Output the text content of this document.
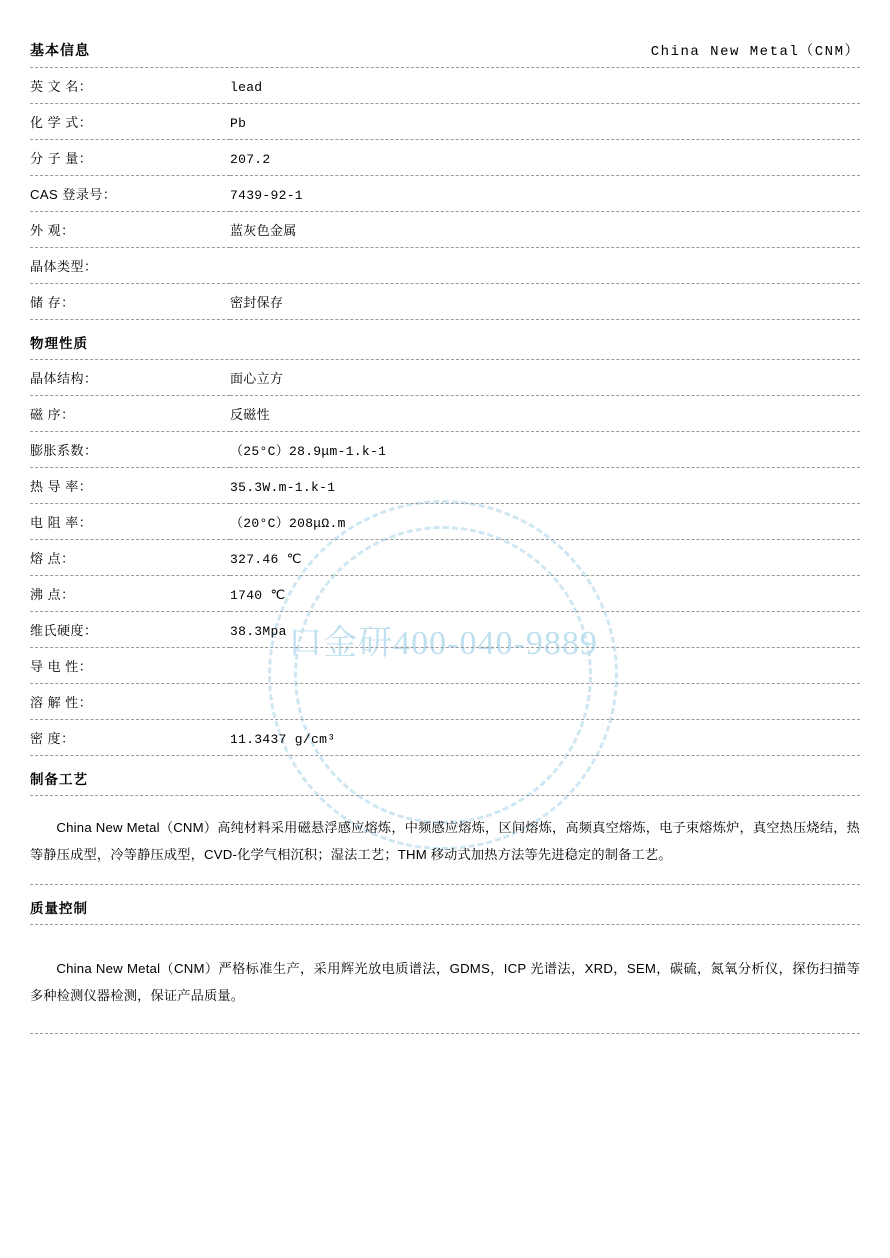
口金研400-040-9889
基本信息	China New Metal（CNM）
英 文 名：	lead
化 学 式：	Pb
分 子 量：	207.2
CAS 登录号：	7439-92-1
外 观：	蓝灰色金属
晶体类型：	
储 存：	密封保存
物理性质
晶体结构：	面心立方
磁 序：	反磁性
膨胀系数：	（25°C）28.9μm-1.k-1
热 导 率：	35.3W.m-1.k-1
电 阻 率：	（20°C）208μΩ.m
熔 点：	327.46 ℃
沸 点：	1740 ℃
维氏硬度：	38.3Mpa
导 电 性：	
溶 解 性：	
密 度：	11.3437 g/cm³
制备工艺

China New Metal（CNM）高纯材料采用磁悬浮感应熔炼，中频感应熔炼，区间熔炼，高频真空熔炼，电子束熔炼炉，真空热压烧结，热等静压成型，冷等静压成型，CVD-化学气相沉积；湿法工艺；THM 移动式加热方法等先进稳定的制备工艺。

质量控制

China New Metal（CNM）严格标准生产，采用辉光放电质谱法，GDMS，ICP 光谱法，XRD，SEM，碳硫，氮氧分析仪，探伤扫描等多种检测仪器检测，保证产品质量。
